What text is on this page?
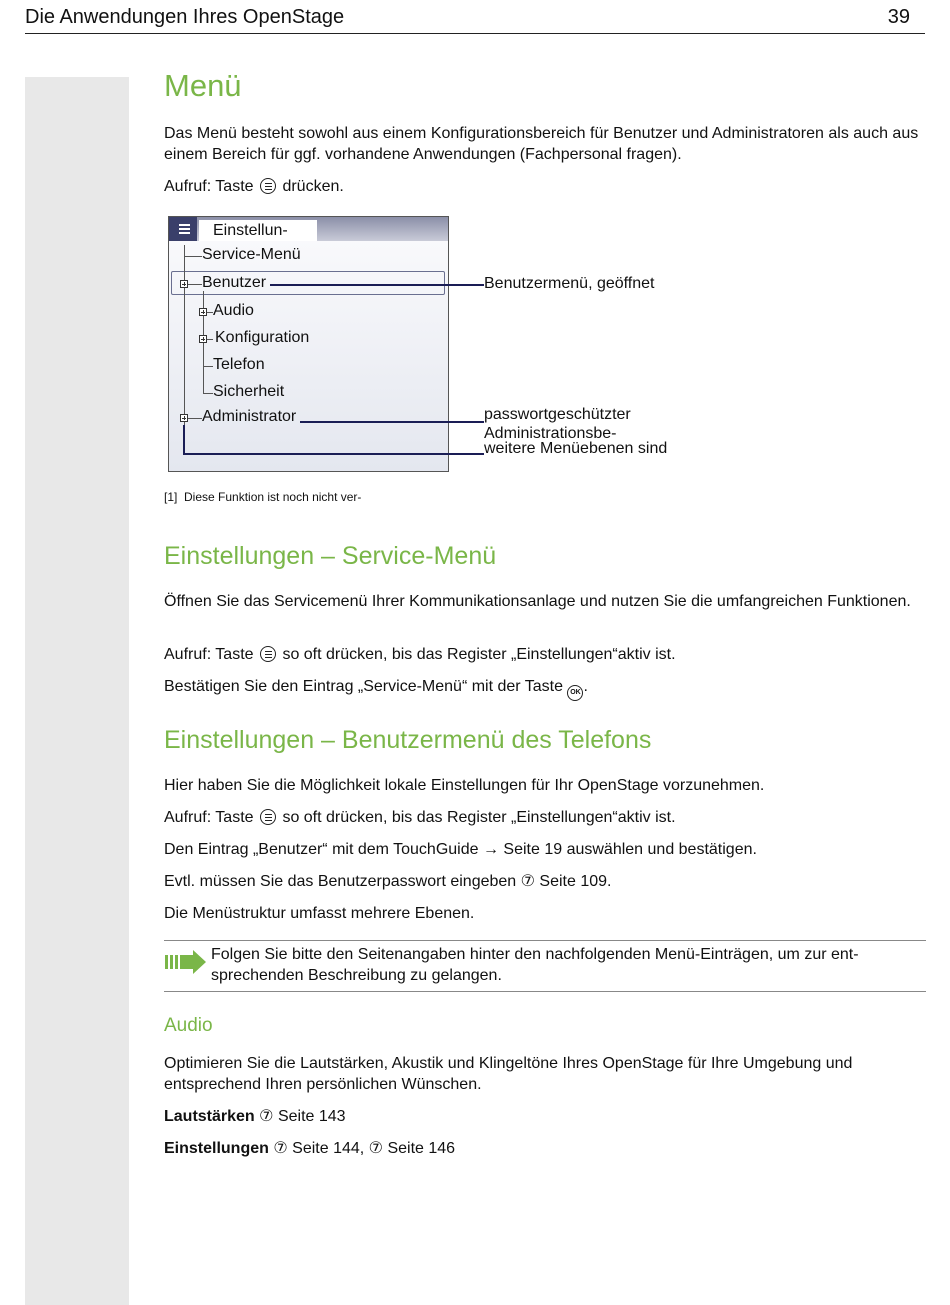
Die Anwendungen Ihres OpenStage	39
Menü
Das Menü besteht sowohl aus einem Konfigurationsbereich für Benutzer und Administratoren als auch aus einem Bereich für ggf. vorhandene Anwendungen (Fachpersonal fragen).
Aufruf: Taste drücken.
Einstellun-
Service-Menü
Benutzer
Audio
Konfiguration
Telefon
Sicherheit
Administrator
Benutzermenü, geöffnet
passwortgeschützter
Administrationsbe-
weitere Menüebenen sind
[1] Diese Funktion ist noch nicht ver-
Einstellungen – Service-Menü
Öffnen Sie das Servicemenü Ihrer Kommunikationsanlage und nutzen Sie die umfangreichen Funktionen.
Aufruf: Taste so oft drücken, bis das Register „Einstellungen“aktiv ist.
Bestätigen Sie den Eintrag „Service-Menü“ mit der Taste OK .
Einstellungen – Benutzermenü des Telefons
Hier haben Sie die Möglichkeit lokale Einstellungen für Ihr OpenStage vorzunehmen.
Aufruf: Taste so oft drücken, bis das Register „Einstellungen“aktiv ist.
Den Eintrag „Benutzer“ mit dem TouchGuide → Seite 19 auswählen und bestätigen.
Evtl. müssen Sie das Benutzerpasswort eingeben ⑦ Seite 109.
Die Menüstruktur umfasst mehrere Ebenen.
Folgen Sie bitte den Seitenangaben hinter den nachfolgenden Menü-Einträgen, um zur ent- sprechenden Beschreibung zu gelangen.
Audio
Optimieren Sie die Lautstärken, Akustik und Klingeltöne Ihres OpenStage für Ihre Umgebung und entsprechend Ihren persönlichen Wünschen.
Lautstärken ⑦ Seite 143
Einstellungen ⑦ Seite 144, ⑦ Seite 146
